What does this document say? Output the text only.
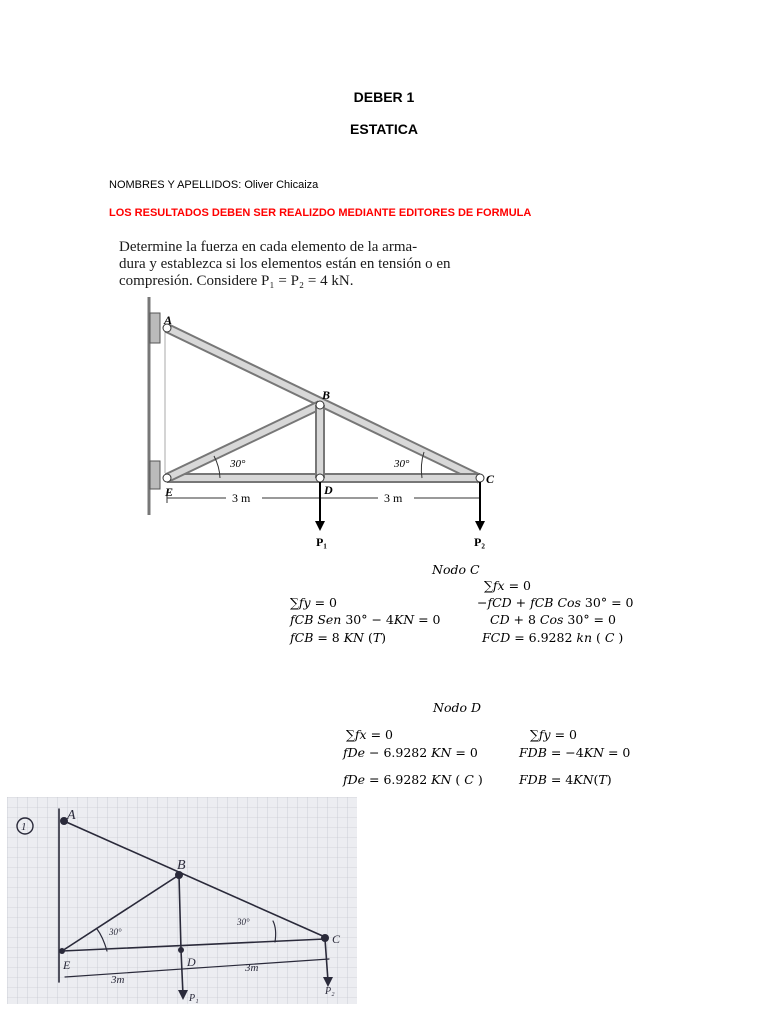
DEBER 1
ESTATICA
NOMBRES Y APELLIDOS: Oliver Chicaiza
LOS RESULTADOS DEBEN SER REALIZDO MEDIANTE EDITORES DE FORMULA

Determine la fuerza en cada elemento de la arma-

dura y establezca si los elementos están en tensión o en

compresión. Considere P₁ = P₂ = 4 kN.

30°	30°
A
B
C
D
E	3 m	3 m
P₁	P₂
Nodo C
∑𝑓𝑥 = 0
∑𝑓𝑦 = 0	−𝑓𝐶𝐷 + 𝑓𝐶𝐵 𝐶𝑜𝑠 30° = 0
𝑓𝐶𝐵 𝑆𝑒𝑛 30° − 4𝐾𝑁 = 0	𝐶𝐷 + 8 𝐶𝑜𝑠 30° = 0
𝑓𝐶𝐵 = 8 𝐾𝑁 (𝑇)	𝐹𝐶𝐷 = 6.9282 𝑘𝑛 ( 𝐶 )
Nodo D
∑𝑓𝑥 = 0	∑𝑓𝑦 = 0
𝑓𝐷𝑒 − 6.9282 𝐾𝑁 = 0	𝐹𝐷𝐵 = −4𝐾𝑁 = 0
𝑓𝐷𝑒 = 6.9282 𝐾𝑁 ( 𝐶 )	𝐹𝐷𝐵 = 4𝐾𝑁(𝑇)
1
A
B
C
D
E
30°
30°
3m
3m
P₁
P₂
